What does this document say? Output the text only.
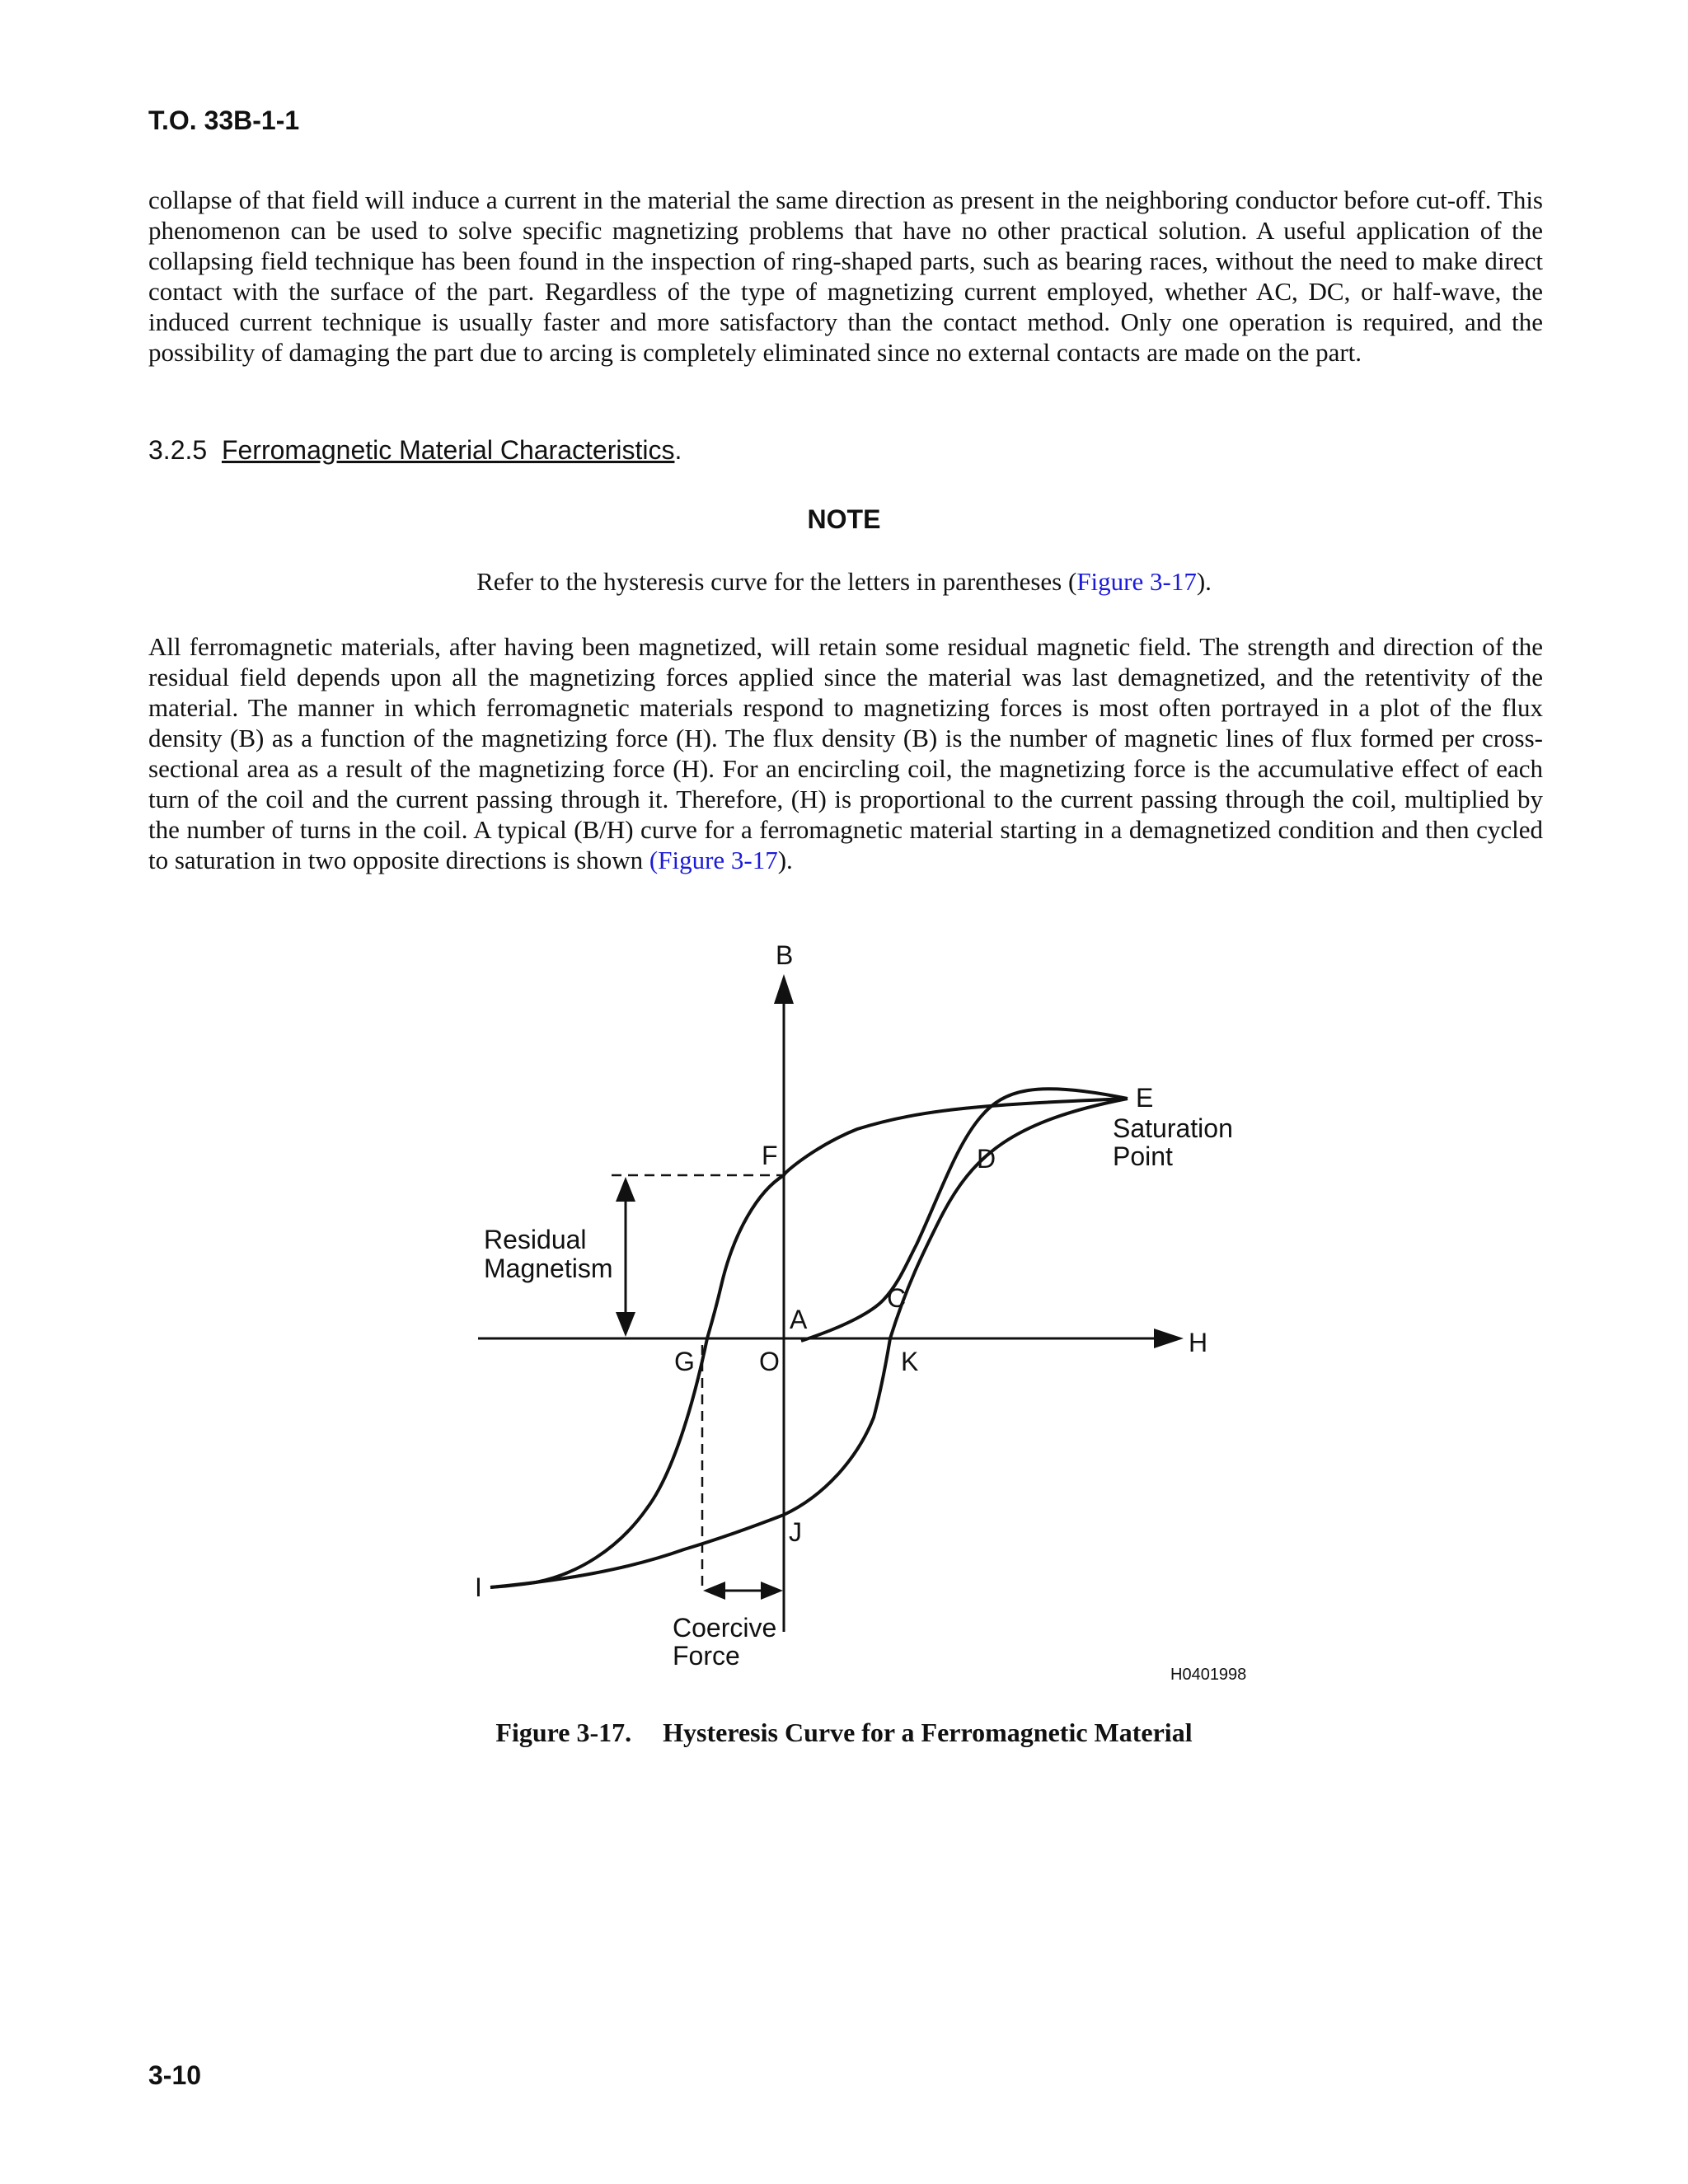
T.O. 33B-1-1

collapse of that field will induce a current in the material the same direction as present in the neighboring conductor before cut-off. This phenomenon can be used to solve specific magnetizing problems that have no other practical solution. A useful application of the collapsing field technique has been found in the inspection of ring-shaped parts, such as bearing races, without the need to make direct contact with the surface of the part. Regardless of the type of magnetizing current employed, whether AC, DC, or half-wave, the induced current technique is usually faster and more satisfactory than the contact method. Only one operation is required, and the possibility of damaging the part due to arcing is completely eliminated since no external contacts are made on the part.

3.2.5 Ferromagnetic Material Characteristics.
NOTE
Refer to the hysteresis curve for the letters in parentheses (Figure 3-17).

All ferromagnetic materials, after having been magnetized, will retain some residual magnetic field. The strength and direction of the residual field depends upon all the magnetizing forces applied since the material was last demagnetized, and the retentivity of the material. The manner in which ferromagnetic materials respond to magnetizing forces is most often portrayed in a plot of the flux density (B) as a function of the magnetizing force (H). The flux density (B) is the number of magnetic lines of flux formed per cross-sectional area as a result of the magnetizing force (H). For an encircling coil, the magnetizing force is the accumulative effect of each turn of the coil and the current passing through it. Therefore, (H) is proportional to the current passing through the coil, multiplied by the number of turns in the coil. A typical (B/H) curve for a ferromagnetic material starting in a demagnetized condition and then cycled to saturation in two opposite directions is shown (Figure 3-17).

B
H
E
Saturation
Point
F	D
C
A
G O	K
J
I
Residual
Magnetism
Coercive
Force
H0401998
Figure 3-17. Hysteresis Curve for a Ferromagnetic Material
3-10
